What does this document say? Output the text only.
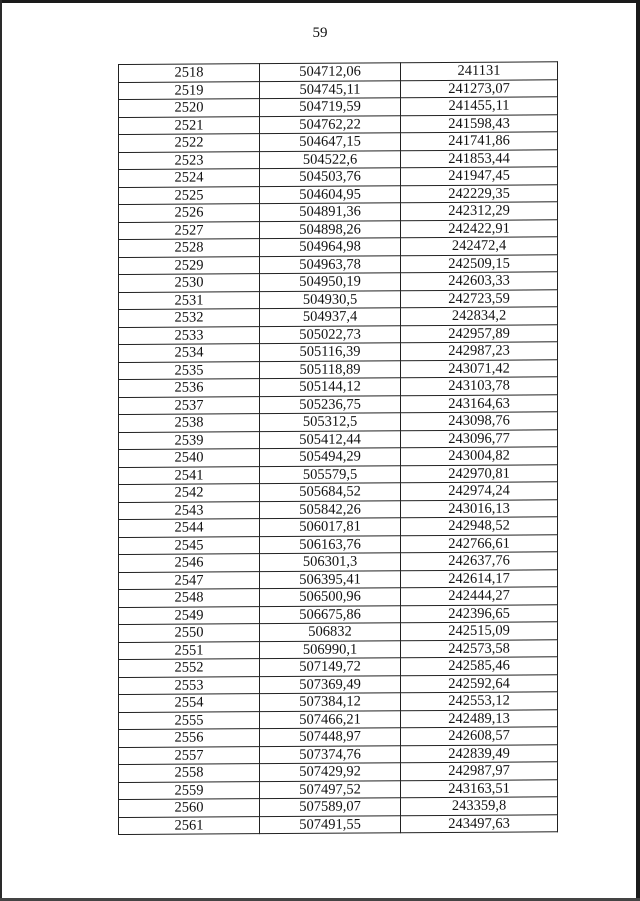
59
2518	504712,06	241131
2519	504745,11	241273,07
2520	504719,59	241455,11
2521	504762,22	241598,43
2522	504647,15	241741,86
2523	504522,6	241853,44
2524	504503,76	241947,45
2525	504604,95	242229,35
2526	504891,36	242312,29
2527	504898,26	242422,91
2528	504964,98	242472,4
2529	504963,78	242509,15
2530	504950,19	242603,33
2531	504930,5	242723,59
2532	504937,4	242834,2
2533	505022,73	242957,89
2534	505116,39	242987,23
2535	505118,89	243071,42
2536	505144,12	243103,78
2537	505236,75	243164,63
2538	505312,5	243098,76
2539	505412,44	243096,77
2540	505494,29	243004,82
2541	505579,5	242970,81
2542	505684,52	242974,24
2543	505842,26	243016,13
2544	506017,81	242948,52
2545	506163,76	242766,61
2546	506301,3	242637,76
2547	506395,41	242614,17
2548	506500,96	242444,27
2549	506675,86	242396,65
2550	506832	242515,09
2551	506990,1	242573,58
2552	507149,72	242585,46
2553	507369,49	242592,64
2554	507384,12	242553,12
2555	507466,21	242489,13
2556	507448,97	242608,57
2557	507374,76	242839,49
2558	507429,92	242987,97
2559	507497,52	243163,51
2560	507589,07	243359,8
2561	507491,55	243497,63
